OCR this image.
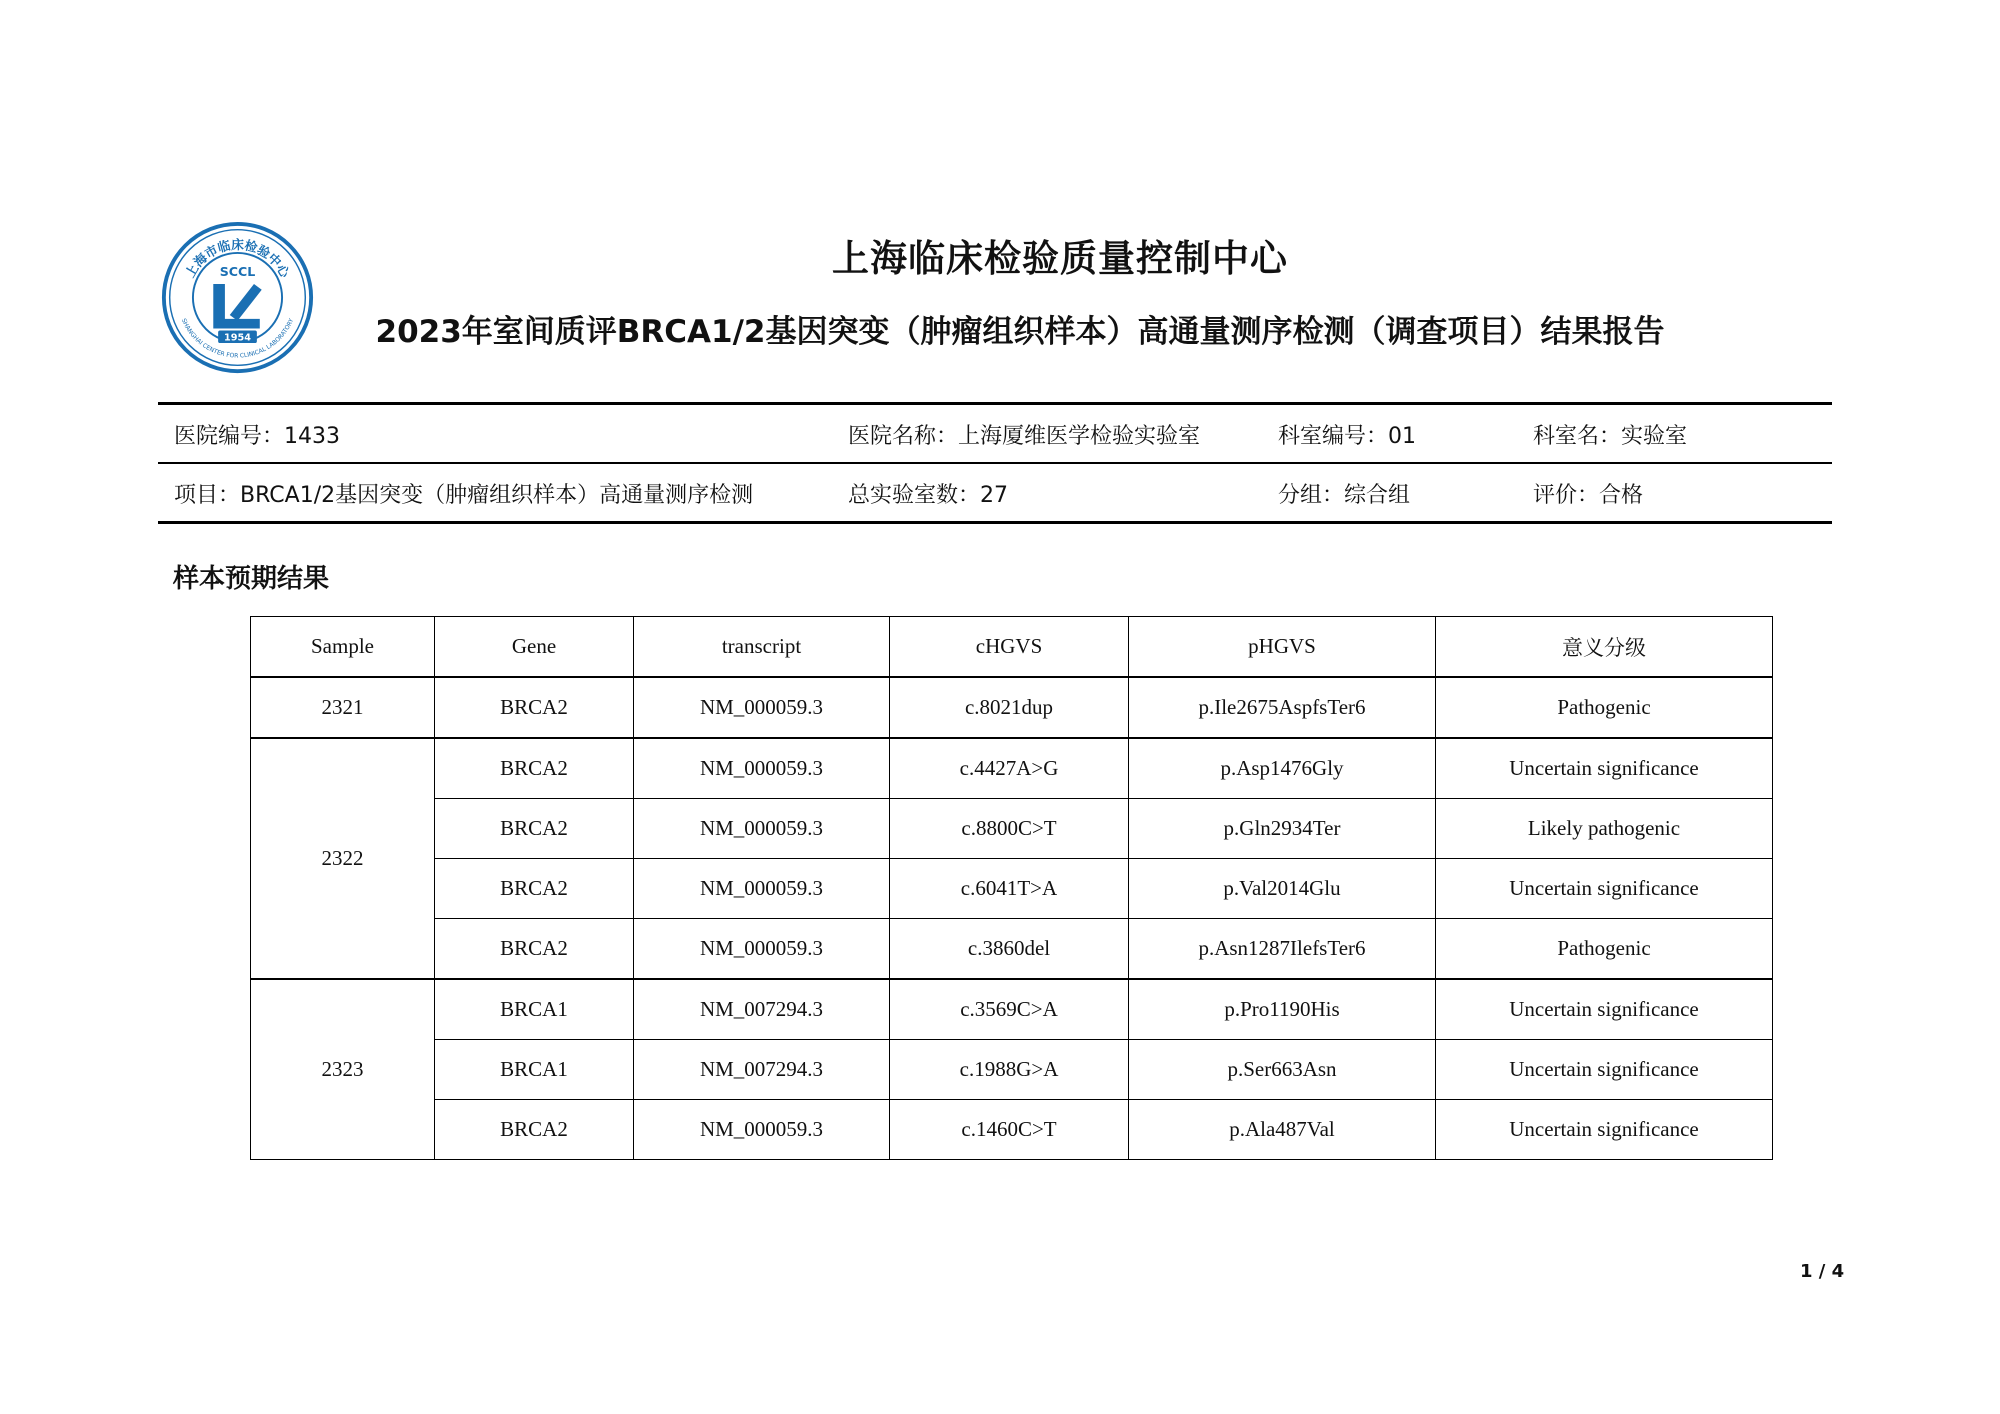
上海市临床检验中心
SHANGHAI CENTER FOR CLINICAL LABORATORY
SCCL
1954
上海临床检验质量控制中心
2023年室间质评BRCA1/2基因突变（肿瘤组织样本）高通量测序检测（调查项目）结果报告
医院编号：1433	医院名称：上海厦维医学检验实验室	科室编号：01	科室名：实验室
项目：BRCA1/2基因突变（肿瘤组织样本）高通量测序检测	总实验室数：27	分组：综合组	评价：合格
样本预期结果
Sample	Gene	transcript	cHGVS	pHGVS	意义分级
2321	BRCA2	NM_000059.3	c.8021dup	p.Ile2675AspfsTer6	Pathogenic
2322	BRCA2	NM_000059.3	c.4427A>G	p.Asp1476Gly	Uncertain significance
	BRCA2	NM_000059.3	c.8800C>T	p.Gln2934Ter	Likely pathogenic
	BRCA2	NM_000059.3	c.6041T>A	p.Val2014Glu	Uncertain significance
	BRCA2	NM_000059.3	c.3860del	p.Asn1287IlefsTer6	Pathogenic
2323	BRCA1	NM_007294.3	c.3569C>A	p.Pro1190His	Uncertain significance
	BRCA1	NM_007294.3	c.1988G>A	p.Ser663Asn	Uncertain significance
	BRCA2	NM_000059.3	c.1460C>T	p.Ala487Val	Uncertain significance
1 / 4
